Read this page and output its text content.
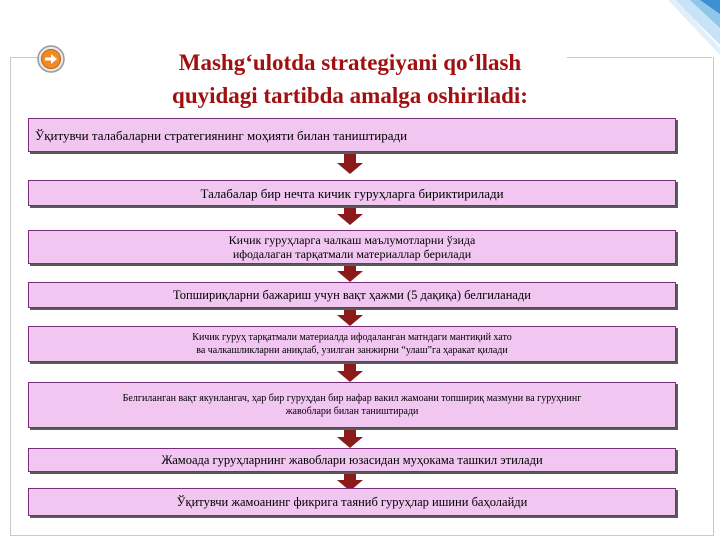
Mashg‘ulotda strategiyani qo‘llash
quyidagi tartibda amalga oshiriladi:
Ўқитувчи талабаларни стратегиянинг моҳияти билан таништиради
Талабалар бир нечта кичик гуруҳларга бириктирилади
Кичик гуруҳларга чалкаш маълумотларни ўзида
ифодалаган тарқатмали материаллар берилади
Топшириқларни бажариш учун вақт ҳажми (5 дақиқа) белгиланади
Кичик гуруҳ тарқатмали материалда ифодаланган матндаги мантиқий хато
ва чалкашликларни аниқлаб, узилган занжирни “улаш”га ҳаракат қилади
Белгиланган вақт якунлангач, ҳар бир гуруҳдан бир нафар вакил жамоани топшириқ мазмуни ва гуруҳнинг
жавоблари билан таништиради
Жамоада гуруҳларнинг жавоблари юзасидан муҳокама ташкил этилади
Ўқитувчи жамоанинг фикрига таяниб гуруҳлар ишини баҳолайди
